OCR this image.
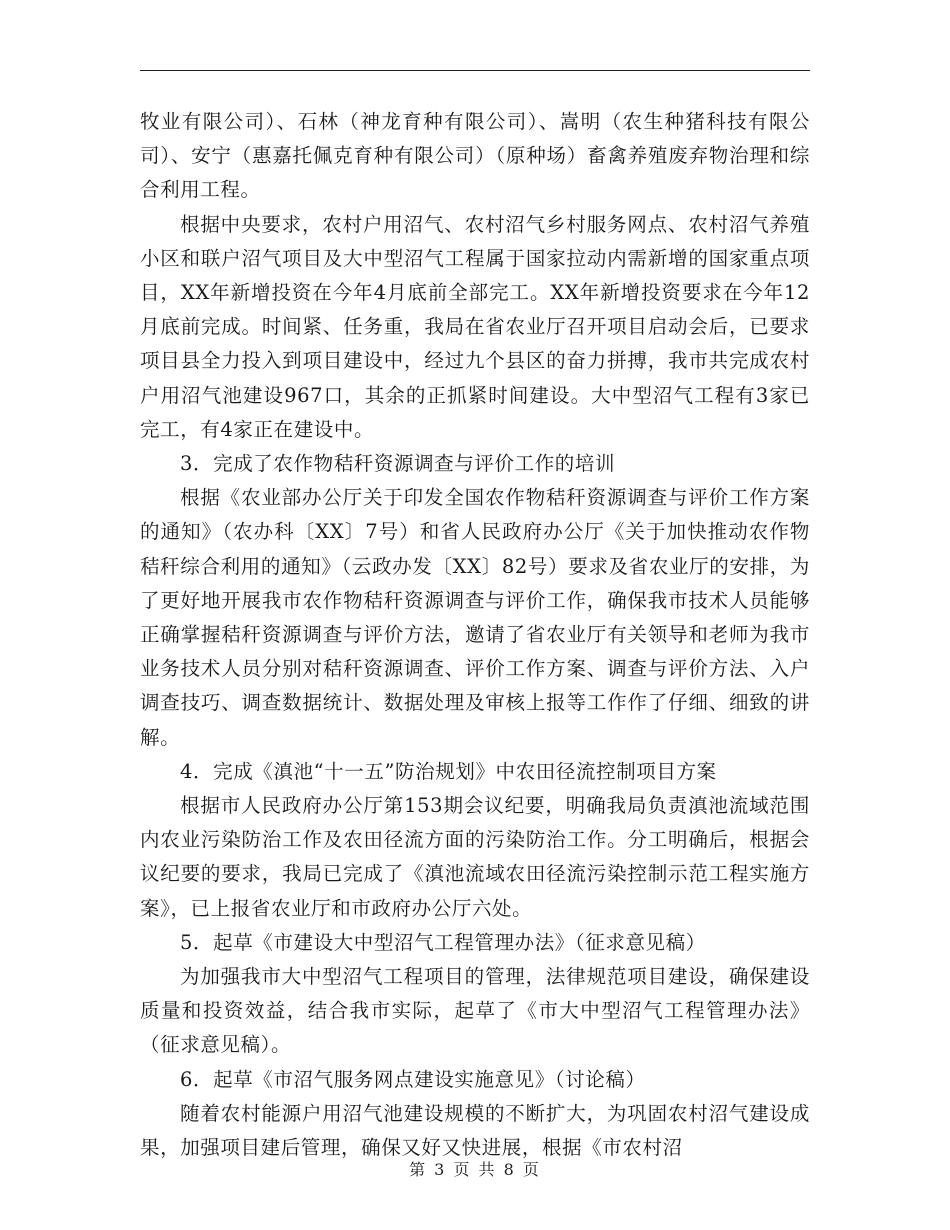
牧业有限公司）、石林（神龙育种有限公司）、嵩明（农生种猪科技有限公司）、安宁（惠嘉托佩克育种有限公司）（原种场）畜禽养殖废弃物治理和综合利用工程。

根据中央要求，农村户用沼气、农村沼气乡村服务网点、农村沼气养殖小区和联户沼气项目及大中型沼气工程属于国家拉动内需新增的国家重点项目，XX年新增投资在今年4月底前全部完工。XX年新增投资要求在今年12月底前完成。时间紧、任务重，我局在省农业厅召开项目启动会后，已要求项目县全力投入到项目建设中，经过九个县区的奋力拼搏，我市共完成农村户用沼气池建设967口，其余的正抓紧时间建设。大中型沼气工程有3家已完工，有4家正在建设中。

3．完成了农作物秸秆资源调查与评价工作的培训

根据《农业部办公厅关于印发全国农作物秸秆资源调查与评价工作方案的通知》（农办科〔XX〕7号）和省人民政府办公厅《关于加快推动农作物秸秆综合利用的通知》（云政办发〔XX〕82号）要求及省农业厅的安排，为了更好地开展我市农作物秸秆资源调查与评价工作，确保我市技术人员能够正确掌握秸秆资源调查与评价方法，邀请了省农业厅有关领导和老师为我市业务技术人员分别对秸秆资源调查、评价工作方案、调查与评价方法、入户调查技巧、调查数据统计、数据处理及审核上报等工作作了仔细、细致的讲解。

4．完成《滇池“十一五”防治规划》中农田径流控制项目方案

根据市人民政府办公厅第153期会议纪要，明确我局负责滇池流域范围内农业污染防治工作及农田径流方面的污染防治工作。分工明确后，根据会议纪要的要求，我局已完成了《滇池流域农田径流污染控制示范工程实施方案》，已上报省农业厅和市政府办公厅六处。

5．起草《市建设大中型沼气工程管理办法》（征求意见稿）

为加强我市大中型沼气工程项目的管理，法律规范项目建设，确保建设质量和投资效益，结合我市实际，起草了《市大中型沼气工程管理办法》（征求意见稿）。

6．起草《市沼气服务网点建设实施意见》（讨论稿）

随着农村能源户用沼气池建设规模的不断扩大，为巩固农村沼气建设成果，加强项目建后管理，确保又好又快进展，根据《市农村沼

第 3 页 共 8 页
